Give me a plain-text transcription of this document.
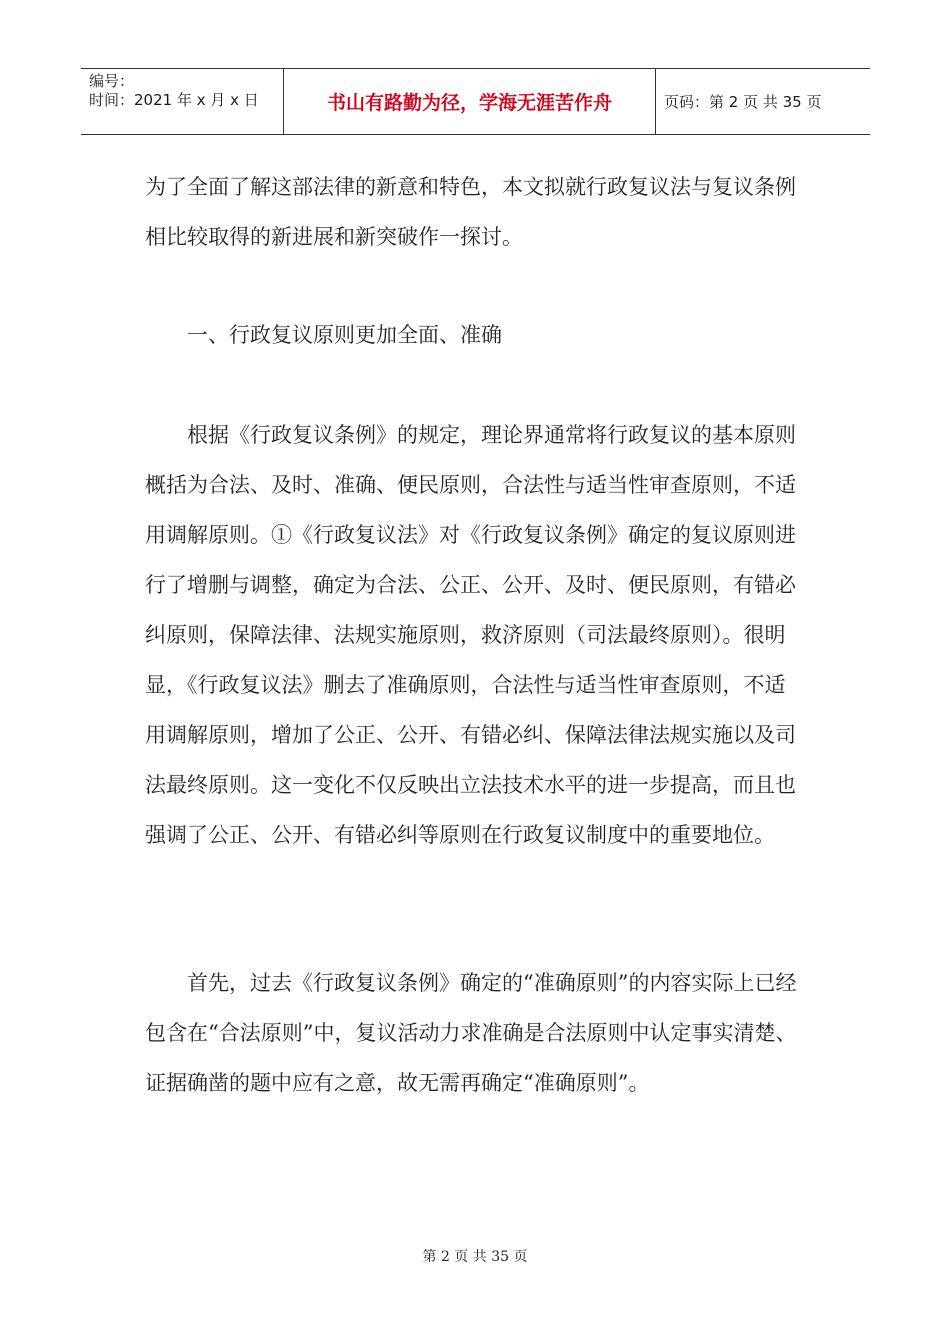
编号：
时间：2021 年 x 月 x 日	书山有路勤为径，学海无涯苦作舟	页码：第 2 页 共 35 页

为了全面了解这部法律的新意和特色，本文拟就行政复议法与复议条例相比较取得的新进展和新突破作一探讨。

一、行政复议原则更加全面、准确

根据《行政复议条例》的规定，理论界通常将行政复议的基本原则概括为合法、及时、准确、便民原则，合法性与适当性审查原则，不适用调解原则。①《行政复议法》对《行政复议条例》确定的复议原则进行了增删与调整，确定为合法、公正、公开、及时、便民原则，有错必纠原则，保障法律、法规实施原则，救济原则（司法最终原则）。很明显，《行政复议法》删去了准确原则，合法性与适当性审查原则，不适用调解原则，增加了公正、公开、有错必纠、保障法律法规实施以及司法最终原则。这一变化不仅反映出立法技术水平的进一步提高，而且也强调了公正、公开、有错必纠等原则在行政复议制度中的重要地位。

首先，过去《行政复议条例》确定的“准确原则”的内容实际上已经包含在“合法原则”中，复议活动力求准确是合法原则中认定事实清楚、证据确凿的题中应有之意，故无需再确定“准确原则”。

第 2 页 共 35 页
